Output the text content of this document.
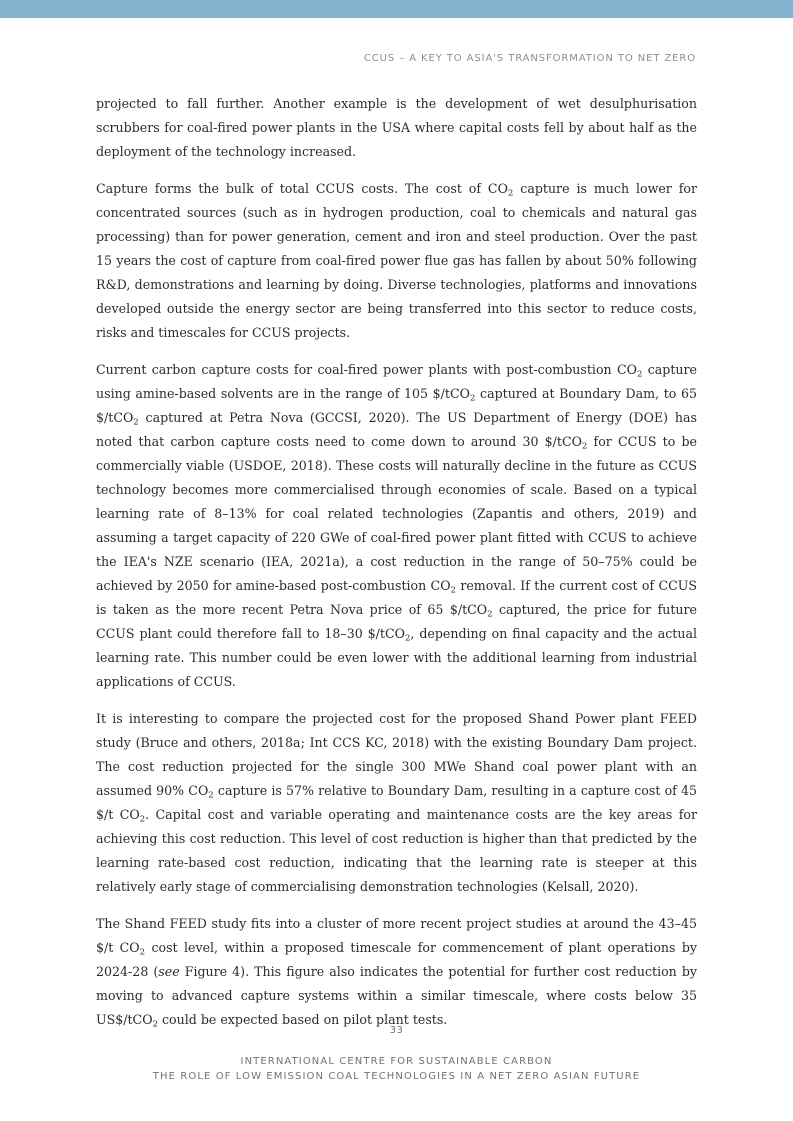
CCUS – A KEY TO ASIA'S TRANSFORMATION TO NET ZERO

projected to fall further. Another example is the development of wet desulphurisation scrubbers for coal-fired power plants in the USA where capital costs fell by about half as the deployment of the technology increased.

Capture forms the bulk of total CCUS costs. The cost of $CO_2$ capture is much lower for concentrated sources (such as in hydrogen production, coal to chemicals and natural gas processing) than for power generation, cement and iron and steel production. Over the past 15 years the cost of capture from coal-fired power flue gas has fallen by about 50% following R&D, demonstrations and learning by doing. Diverse technologies, platforms and innovations developed outside the energy sector are being transferred into this sector to reduce costs, risks and timescales for CCUS projects.

Current carbon capture costs for coal-fired power plants with post-combustion $CO_2$ capture using amine-based solvents are in the range of 105 $/tCO$_2$ captured at Boundary Dam, to 65 $/tCO$_2$ captured at Petra Nova (GCCSI, 2020). The US Department of Energy (DOE) has noted that carbon capture costs need to come down to around 30 $/tCO$_2$ for CCUS to be commercially viable (USDOE, 2018). These costs will naturally decline in the future as CCUS technology becomes more commercialised through economies of scale. Based on a typical learning rate of 8–13% for coal related technologies (Zapantis and others, 2019) and assuming a target capacity of 220 GWe of coal-fired power plant fitted with CCUS to achieve the IEA's NZE scenario (IEA, 2021a), a cost reduction in the range of 50–75% could be achieved by 2050 for amine-based post-combustion $CO_2$ removal. If the current cost of CCUS is taken as the more recent Petra Nova price of 65 $/tCO$_2$ captured, the price for future CCUS plant could therefore fall to 18–30 $/tCO$_2$, depending on final capacity and the actual learning rate. This number could be even lower with the additional learning from industrial applications of CCUS.

It is interesting to compare the projected cost for the proposed Shand Power plant FEED study (Bruce and others, 2018a; Int CCS KC, 2018) with the existing Boundary Dam project. The cost reduction projected for the single 300 MWe Shand coal power plant with an assumed 90% $CO_2$ capture is 57% relative to Boundary Dam, resulting in a capture cost of 45 $/t $CO_2$. Capital cost and variable operating and maintenance costs are the key areas for achieving this cost reduction. This level of cost reduction is higher than that predicted by the learning rate-based cost reduction, indicating that the learning rate is steeper at this relatively early stage of commercialising demonstration technologies (Kelsall, 2020).

The Shand FEED study fits into a cluster of more recent project studies at around the 43–45 $/t $CO_2$ cost level, within a proposed timescale for commencement of plant operations by 2024-28 (see Figure 4). This figure also indicates the potential for further cost reduction by moving to advanced capture systems within a similar timescale, where costs below 35 US$/tCO$_2$ could be expected based on pilot plant tests.

33
INTERNATIONAL CENTRE FOR SUSTAINABLE CARBON
THE ROLE OF LOW EMISSION COAL TECHNOLOGIES IN A NET ZERO ASIAN FUTURE
